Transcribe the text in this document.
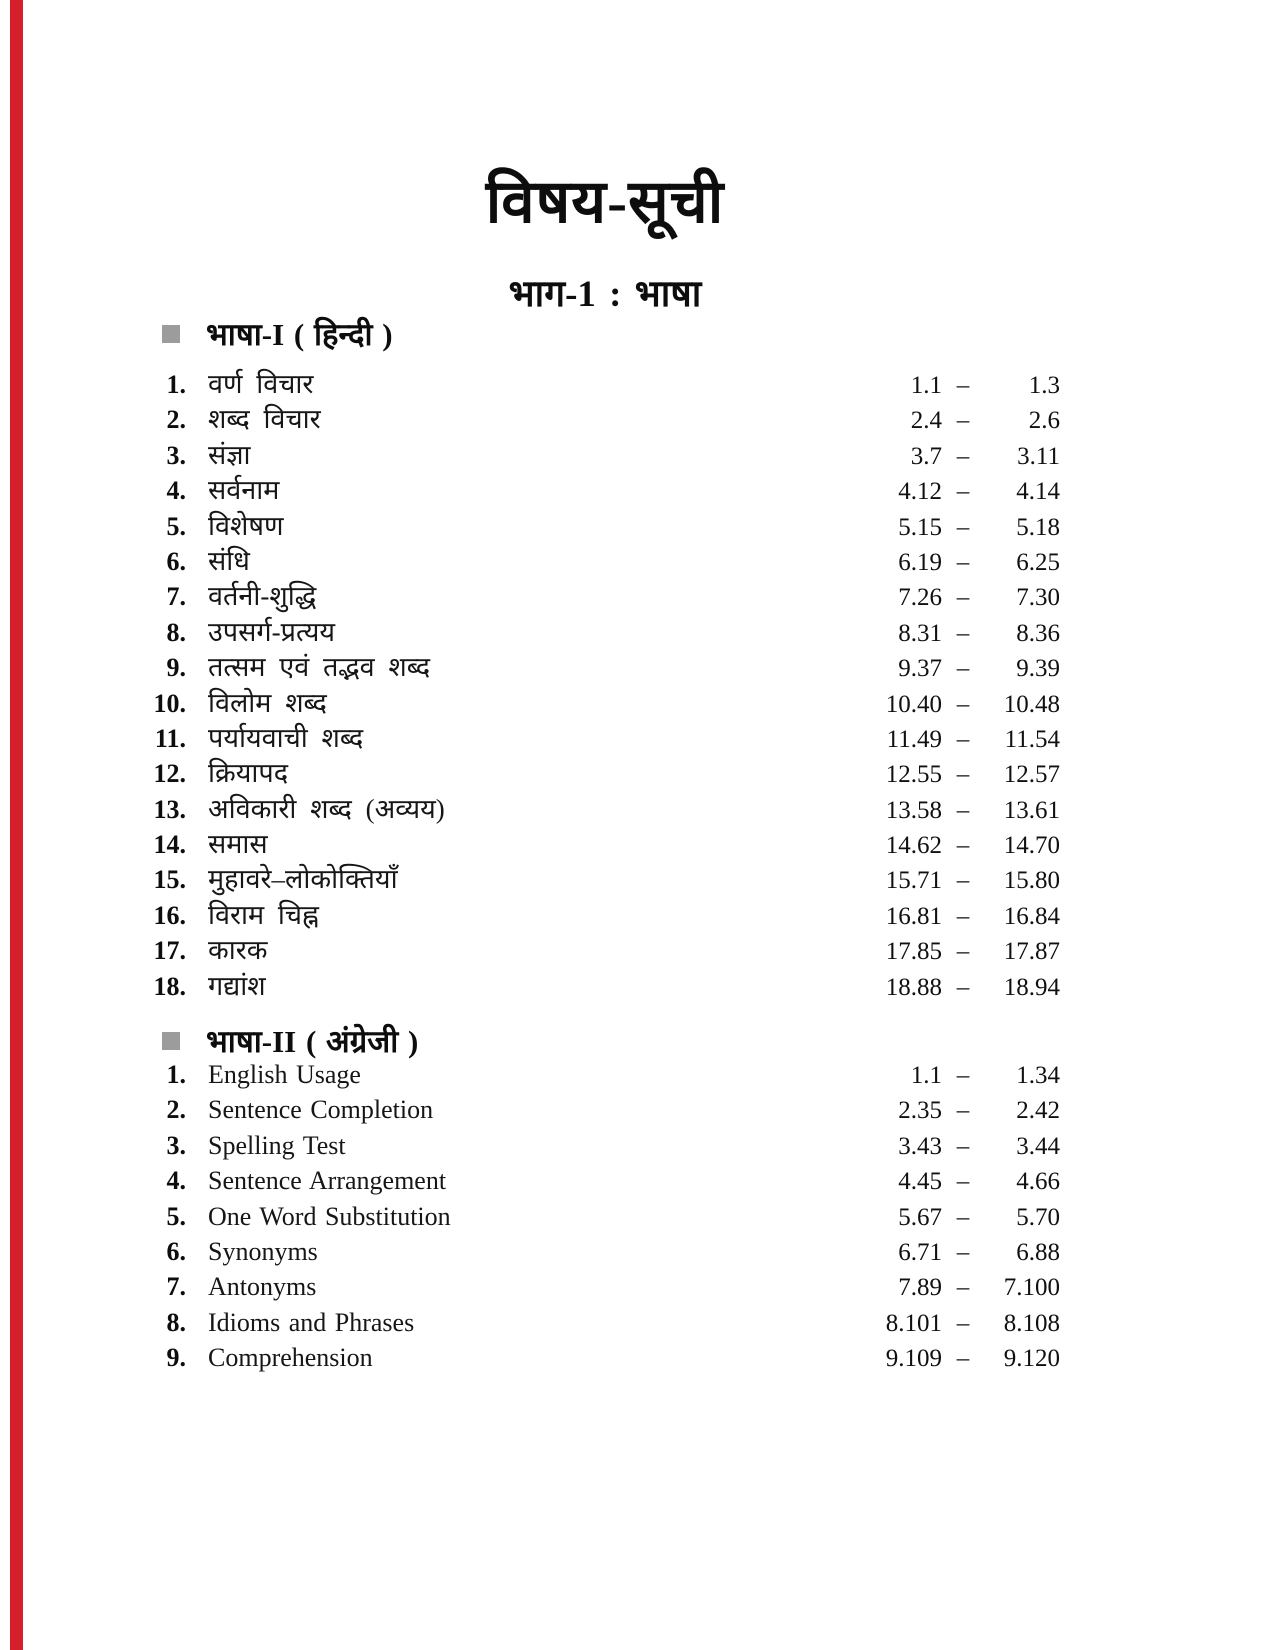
विषय-सूची
भाग-1 : भाषा
भाषा-I ( हिन्दी )
1. वर्ण विचार	1.1 –	1.3
2. शब्द विचार	2.4 –	2.6
3. संज्ञा	3.7 –	3.11
4. सर्वनाम	4.12 –	4.14
5. विशेषण	5.15 –	5.18
6. संधि	6.19 –	6.25
7. वर्तनी-शुद्धि	7.26 –	7.30
8. उपसर्ग-प्रत्यय	8.31 –	8.36
9. तत्सम एवं तद्भव शब्द	9.37 –	9.39
10. विलोम शब्द	10.40 –	10.48
11. पर्यायवाची शब्द	11.49 –	11.54
12. क्रियापद	12.55 –	12.57
13. अविकारी शब्द (अव्यय)	13.58 –	13.61
14. समास	14.62 –	14.70
15. मुहावरे–लोकोक्तियाँ	15.71 –	15.80
16. विराम चिह्न	16.81 –	16.84
17. कारक	17.85 –	17.87
18. गद्यांश	18.88 –	18.94
भाषा-II ( अंग्रेजी )
1. English Usage	1.1 –	1.34
2. Sentence Completion	2.35 –	2.42
3. Spelling Test	3.43 –	3.44
4. Sentence Arrangement	4.45 –	4.66
5. One Word Substitution	5.67 –	5.70
6. Synonyms	6.71 –	6.88
7. Antonyms	7.89 –	7.100
8. Idioms and Phrases	8.101 –	8.108
9. Comprehension	9.109 –	9.120
